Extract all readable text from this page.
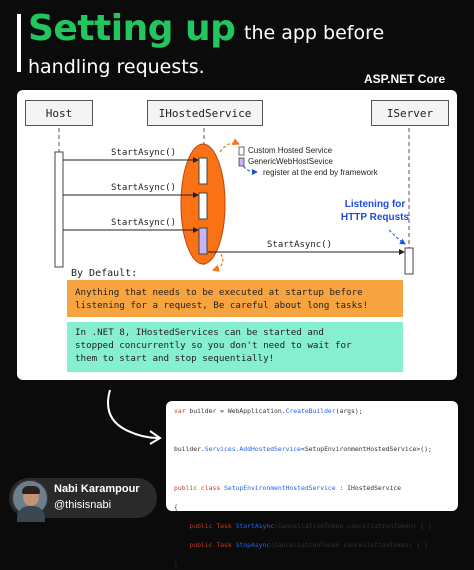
Setting up the app before
handling requests.
ASP.NET Core
Host	IHostedService	IServer
StartAsync()
StartAsync()
StartAsync()
StartAsync()
Custom Hosted Service
GenericWebHostSevice
register at the end by framework
Listening for
HTTP Requsts
By Default:
Anything that needs to be executed at startup before
listening for a request, Be careful about long tasks!
In .NET 8, IHostedServices can be started and
stopped concurrently so you don't need to wait for
them to start and stop sequentially!
var builder = WebApplication.CreateBuilder(args);

builder.Services.AddHostedService<SetupEnvironmentHostedService>();

public class SetupEnvironmentHostedService : IHostedService

{

public Task StartAsync(CancellationToken cancellationToken) { }

public Task StopAsync(CancellationToken cancellationToken) { }

}
Nabi Karampour
@thisisnabi
